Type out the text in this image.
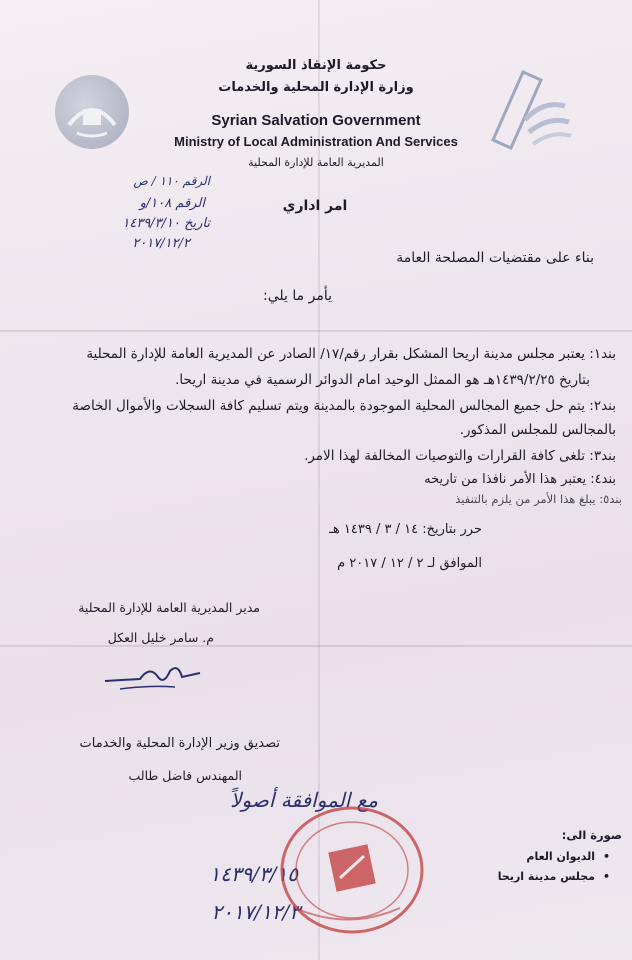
حكومة الإنقاذ السورية
وزارة الإدارة المحلية والخدمات
Syrian Salvation Government
Ministry of Local Administration And Services
المديرية العامة للإدارة المحلية
الرقم ١١٠ / ص
الرقم ١٠٨/و
تاريخ ١٤٣٩/٣/١٠
٢٠١٧/١٢/٢
امر اداري
بناء على مقتضيات المصلحة العامة
يأمر ما يلي:
بند١: يعتبر مجلس مدينة اريحا المشكل بقرار رقم/١٧/ الصادر عن المديرية العامة للإدارة المحلية
بتاريخ ١٤٣٩/٢/٢٥هـ هو الممثل الوحيد امام الدوائر الرسمية في مدينة اريحا.
بند٢: يتم حل جميع المجالس المحلية الموجودة بالمدينة ويتم تسليم كافة السجلات والأموال الخاصة
بالمجالس للمجلس المذكور.
بند٣: تلغى كافة القرارات والتوصيات المخالفة لهذا الامر.
بند٤: يعتبر هذا الأمر نافذا من تاريخه
بند٥: يبلغ هذا الأمر من يلزم بالتنفيذ
حرر بتاريخ: ١٤ / ٣ / ١٤٣٩ هـ
الموافق لـ ٢ / ١٢ / ٢٠١٧ م
مدير المديرية العامة للإدارة المحلية
م. سامر خليل العكل
تصديق وزير الإدارة المحلية والخدمات
المهندس فاضل طالب
مع الموافقة أصولاً
١٤٣٩/٣/١٥
٢٠١٧/١٢/٣
صورة الى:
•الديوان العام
•مجلس مدينة اريحا
